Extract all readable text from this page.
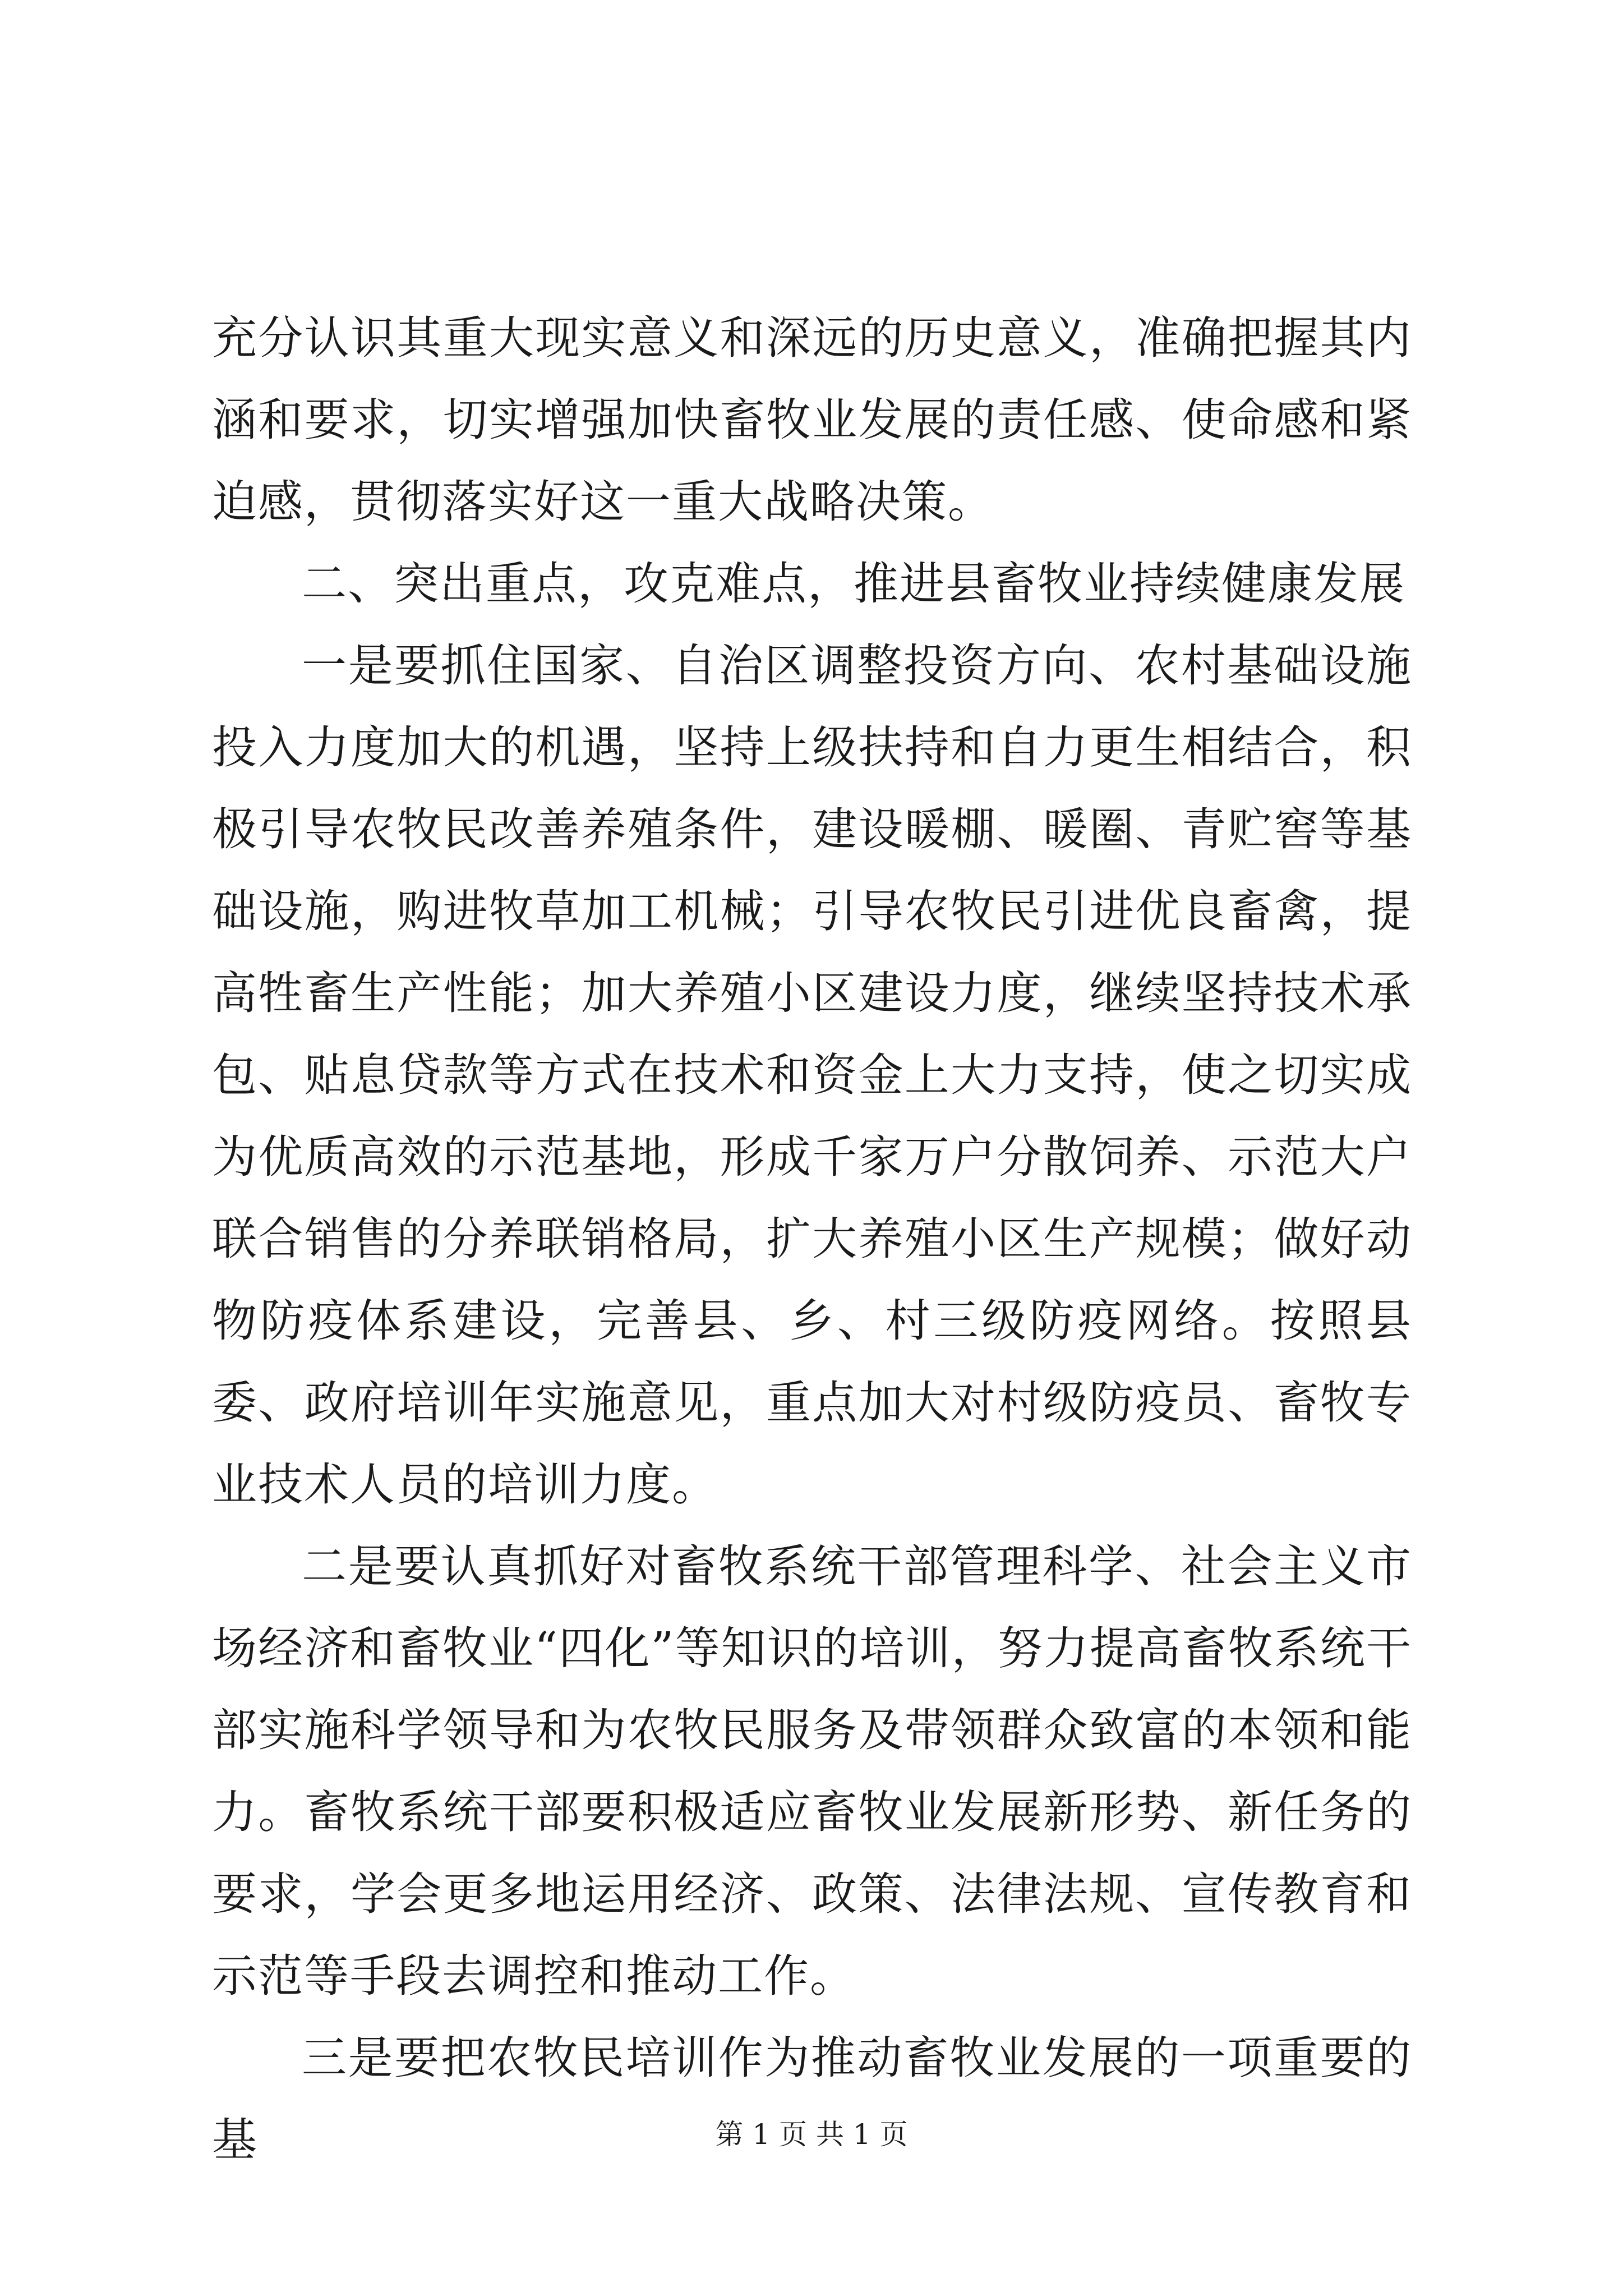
充分认识其重大现实意义和深远的历史意义，准确把握其内涵和要求，切实增强加快畜牧业发展的责任感、使命感和紧迫感，贯彻落实好这一重大战略决策。

二、突出重点，攻克难点，推进县畜牧业持续健康发展

一是要抓住国家、自治区调整投资方向、农村基础设施投入力度加大的机遇，坚持上级扶持和自力更生相结合，积极引导农牧民改善养殖条件，建设暖棚、暖圈、青贮窖等基础设施，购进牧草加工机械；引导农牧民引进优良畜禽，提高牲畜生产性能；加大养殖小区建设力度，继续坚持技术承包、贴息贷款等方式在技术和资金上大力支持，使之切实成为优质高效的示范基地，形成千家万户分散饲养、示范大户联合销售的分养联销格局，扩大养殖小区生产规模；做好动物防疫体系建设，完善县、乡、村三级防疫网络。按照县委、政府培训年实施意见，重点加大对村级防疫员、畜牧专业技术人员的培训力度。

二是要认真抓好对畜牧系统干部管理科学、社会主义市场经济和畜牧业“四化”等知识的培训，努力提高畜牧系统干部实施科学领导和为农牧民服务及带领群众致富的本领和能力。畜牧系统干部要积极适应畜牧业发展新形势、新任务的要求，学会更多地运用经济、政策、法律法规、宣传教育和示范等手段去调控和推动工作。

三是要把农牧民培训作为推动畜牧业发展的一项重要的基	第 1 页 共 1 页
